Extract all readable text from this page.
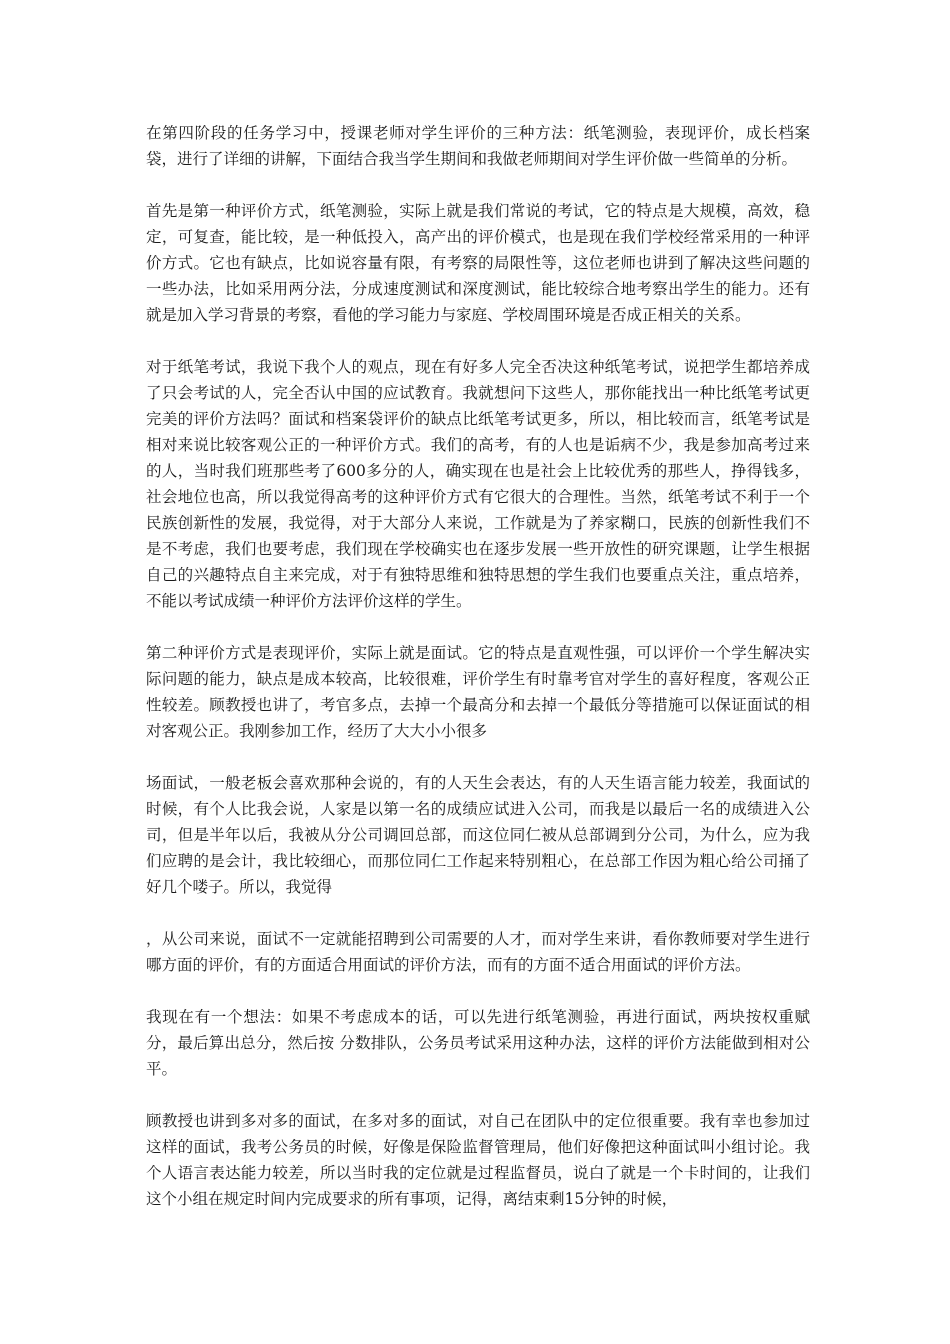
在第四阶段的任务学习中，授课老师对学生评价的三种方法：纸笔测验，表现评价，成长档案袋，进行了详细的讲解，下面结合我当学生期间和我做老师期间对学生评价做一些简单的分析。

首先是第一种评价方式，纸笔测验，实际上就是我们常说的考试，它的特点是大规模，高效，稳定，可复查，能比较，是一种低投入，高产出的评价模式，也是现在我们学校经常采用的一种评价方式。它也有缺点，比如说容量有限，有考察的局限性等，这位老师也讲到了解决这些问题的一些办法，比如采用两分法，分成速度测试和深度测试，能比较综合地考察出学生的能力。还有就是加入学习背景的考察，看他的学习能力与家庭、学校周围环境是否成正相关的关系。

对于纸笔考试，我说下我个人的观点，现在有好多人完全否决这种纸笔考试，说把学生都培养成了只会考试的人，完全否认中国的应试教育。我就想问下这些人，那你能找出一种比纸笔考试更完美的评价方法吗？面试和档案袋评价的缺点比纸笔考试更多，所以，相比较而言，纸笔考试是相对来说比较客观公正的一种评价方式。我们的高考，有的人也是诟病不少，我是参加高考过来的人，当时我们班那些考了600多分的人，确实现在也是社会上比较优秀的那些人，挣得钱多，社会地位也高，所以我觉得高考的这种评价方式有它很大的合理性。当然，纸笔考试不利于一个民族创新性的发展，我觉得，对于大部分人来说，工作就是为了养家糊口，民族的创新性我们不是不考虑，我们也要考虑，我们现在学校确实也在逐步发展一些开放性的研究课题，让学生根据自己的兴趣特点自主来完成，对于有独特思维和独特思想的学生我们也要重点关注，重点培养，不能以考试成绩一种评价方法评价这样的学生。

第二种评价方式是表现评价，实际上就是面试。它的特点是直观性强，可以评价一个学生解决实际问题的能力，缺点是成本较高，比较很难，评价学生有时靠考官对学生的喜好程度，客观公正性较差。顾教授也讲了，考官多点，去掉一个最高分和去掉一个最低分等措施可以保证面试的相对客观公正。我刚参加工作，经历了大大小小很多

场面试，一般老板会喜欢那种会说的，有的人天生会表达，有的人天生语言能力较差，我面试的时候，有个人比我会说，人家是以第一名的成绩应试进入公司，而我是以最后一名的成绩进入公司，但是半年以后，我被从分公司调回总部，而这位同仁被从总部调到分公司，为什么，应为我们应聘的是会计，我比较细心，而那位同仁工作起来特别粗心，在总部工作因为粗心给公司捅了好几个喽子。所以，我觉得

，从公司来说，面试不一定就能招聘到公司需要的人才，而对学生来讲，看你教师要对学生进行哪方面的评价，有的方面适合用面试的评价方法，而有的方面不适合用面试的评价方法。

我现在有一个想法：如果不考虑成本的话，可以先进行纸笔测验，再进行面试，两块按权重赋分，最后算出总分，然后按 分数排队，公务员考试采用这种办法，这样的评价方法能做到相对公平。

顾教授也讲到多对多的面试，在多对多的面试，对自己在团队中的定位很重要。我有幸也参加过这样的面试，我考公务员的时候，好像是保险监督管理局，他们好像把这种面试叫小组讨论。我个人语言表达能力较差，所以当时我的定位就是过程监督员，说白了就是一个卡时间的，让我们这个小组在规定时间内完成要求的所有事项，记得，离结束剩15分钟的时候，
